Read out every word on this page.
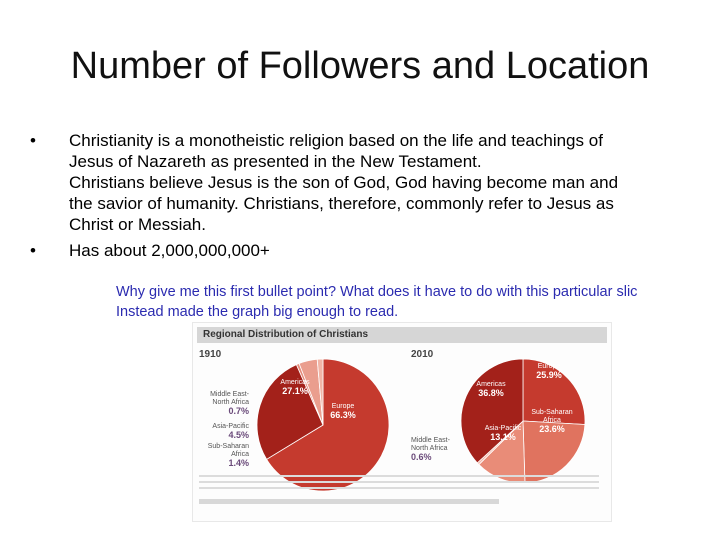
Number of Followers and Location
• Christianity is a monotheistic religion based on the life and teachings of
Jesus of Nazareth as presented in the New Testament.
Christians believe Jesus is the son of God, God having become man and
the savior of humanity. Christians, therefore, commonly refer to Jesus as
Christ or Messiah.
• Has about 2,000,000,000+
Why give me this first bullet point? What does it have to do with this particular slic
Instead made the graph big enough to read.
Regional Distribution of Christians
1910	2010
Americas
27.1%
Europe
66.3%
Middle East-North Africa
0.7%
Asia-Pacific
4.5%
Sub-Saharan Africa
1.4%
Americas
36.8%
Europe
25.9%
Sub-Saharan Africa
23.6%
Asia-Pacific
13.1%
Middle East-North Africa
0.6%
